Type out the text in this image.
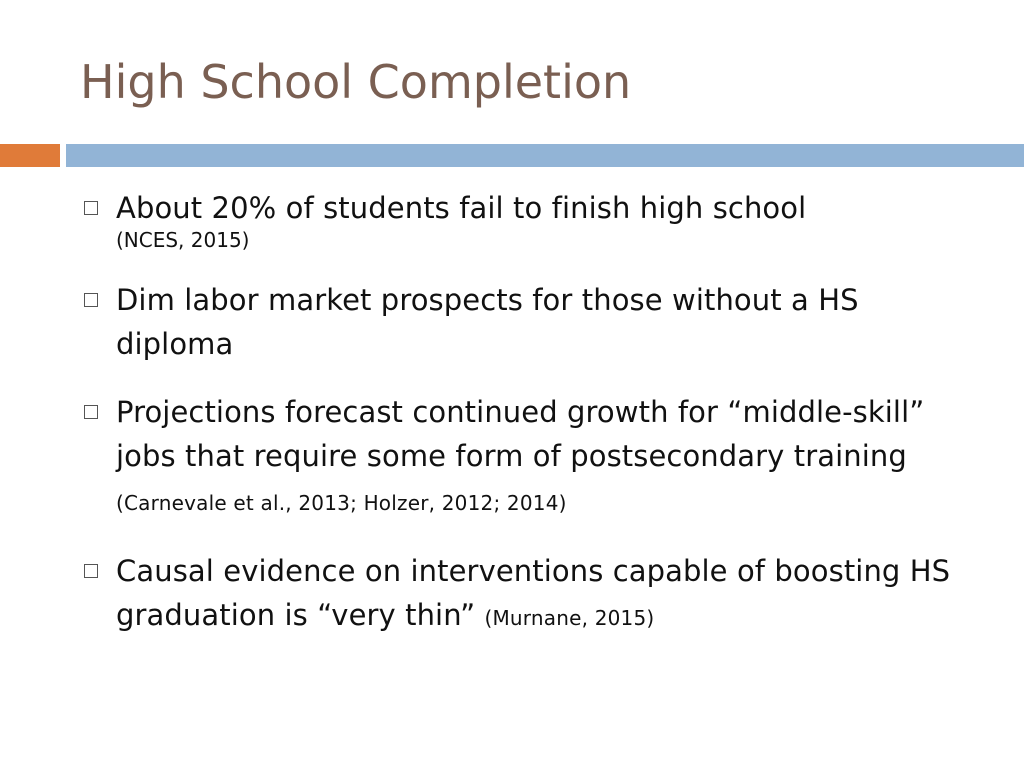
High School Completion
About 20% of students fail to finish high school
(NCES, 2015)
Dim labor market prospects for those without a HS diploma
Projections forecast continued growth for “middle-skill” jobs that require some form of postsecondary training (Carnevale et al., 2013; Holzer, 2012; 2014)
Causal evidence on interventions capable of boosting HS graduation is “very thin” (Murnane, 2015)
